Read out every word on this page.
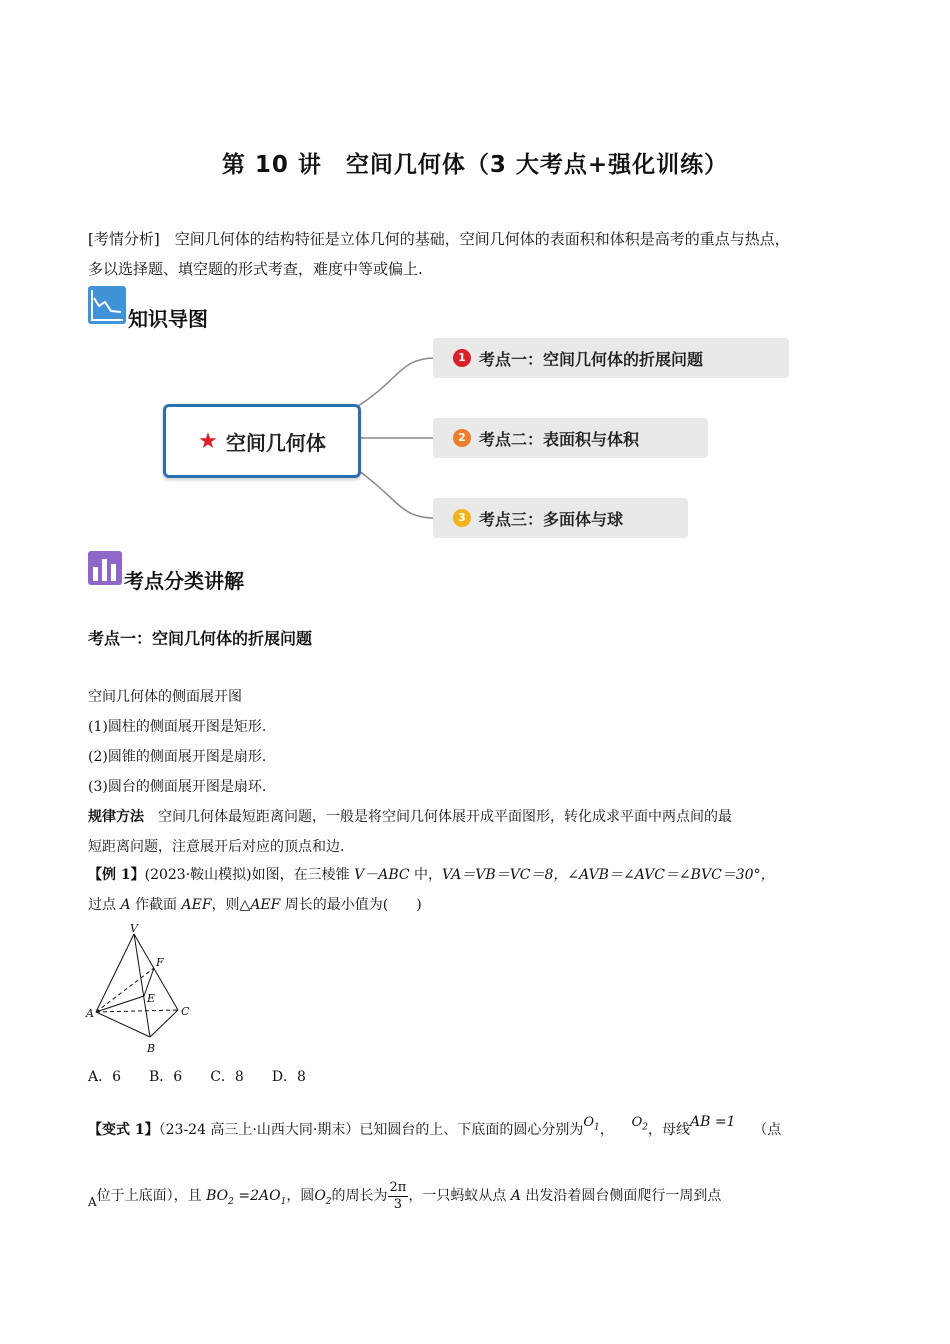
第 10 讲　空间几何体（3 大考点+强化训练）
[考情分析]　 空间几何体的结构特征是立体几何的基础，空间几何体的表面积和体积是高考的重点与热点，
多以选择题、填空题的形式考查，难度中等或偏上.
知识导图
★ 空间几何体
1 考点一：空间几何体的折展问题
2 考点二：表面积与体积
3 考点三：多面体与球
考点分类讲解
考点一：空间几何体的折展问题
空间几何体的侧面展开图
(1)圆柱的侧面展开图是矩形.
(2)圆锥的侧面展开图是扇形.
(3)圆台的侧面展开图是扇环.
规律方法　 空间几何体最短距离问题，一般是将空间几何体展开成平面图形，转化成求平面中两点间的最
短距离问题，注意展开后对应的顶点和边.
【例 1】(2023·鞍山模拟)如图，在三棱锥 V－ABC 中，VA＝VB＝VC＝8，∠AVB＝∠AVC＝∠BVC＝30°，
过点 A 作截面 AEF，则△AEF 周长的最小值为(　　)
V
F
E
A	C
B
A．6　　B．6　　C．8　　D．8
【变式 1】（23-24 高三上·山西大同·期末）已知圆台的上、下底面的圆心分别为$O_1$， $O_2$，母线AB =1 （点
A位于上底面），且 $BO_2 =2AO_1$，圆$O_2$的周长为 $\frac{2\pi}{3}$ ，一只蚂蚁从点 A 出发沿着圆台侧面爬行一周到点
